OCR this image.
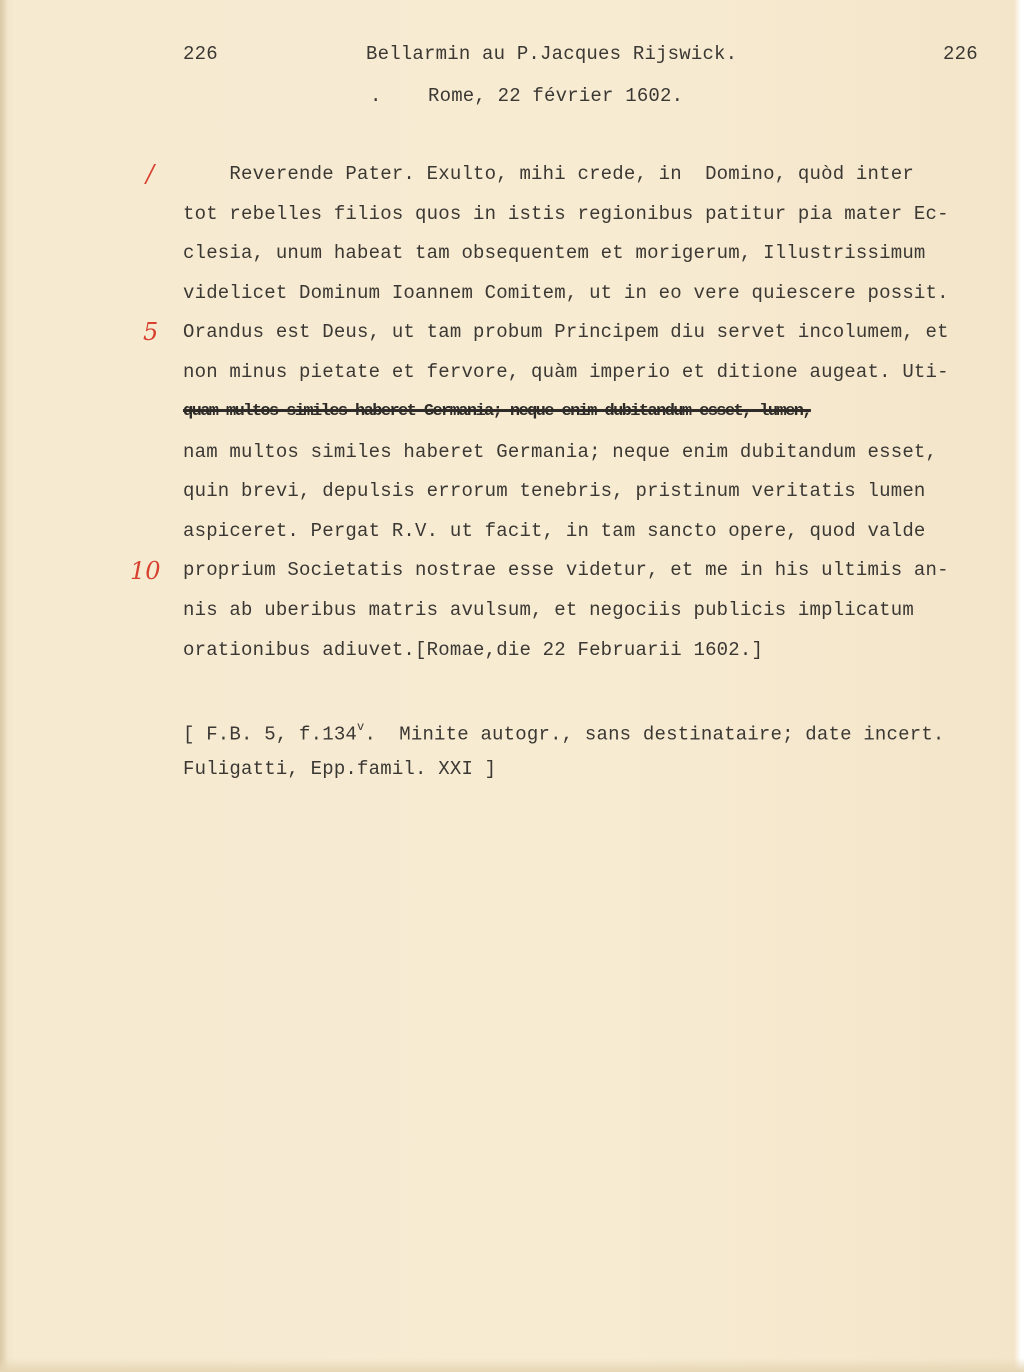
226	Bellarmin au P.Jacques Rijswick.	226
. Rome, 22 février 1602.
/
5
10
Reverende Pater. Exulto, mihi crede, in  Domino, quòd inter
tot rebelles filios quos in istis regionibus patitur pia mater Ec-
clesia, unum habeat tam obsequentem et morigerum, Illustrissimum
videlicet Dominum Ioannem Comitem, ut in eo vere quiescere possit.
Orandus est Deus, ut tam probum Principem diu servet incolumem, et
non minus pietate et fervore, quàm imperio et ditione augeat. Uti-
quam multos similes haberet Germania; neque enim dubitandum esset, lumen,
nam multos similes haberet Germania; neque enim dubitandum esset,
quin brevi, depulsis errorum tenebris, pristinum veritatis lumen
aspiceret. Pergat R.V. ut facit, in tam sancto opere, quod valde
proprium Societatis nostrae esse videtur, et me in his ultimis an-
nis ab uberibus matris avulsum, et negociis publicis implicatum
orationibus adiuvet.[Romae,die 22 Februarii 1602.]
[ F.B. 5, f.134$^v$.  Minite autogr., sans destinataire; date incert.
Fuligatti, Epp.famil. XXI ]
